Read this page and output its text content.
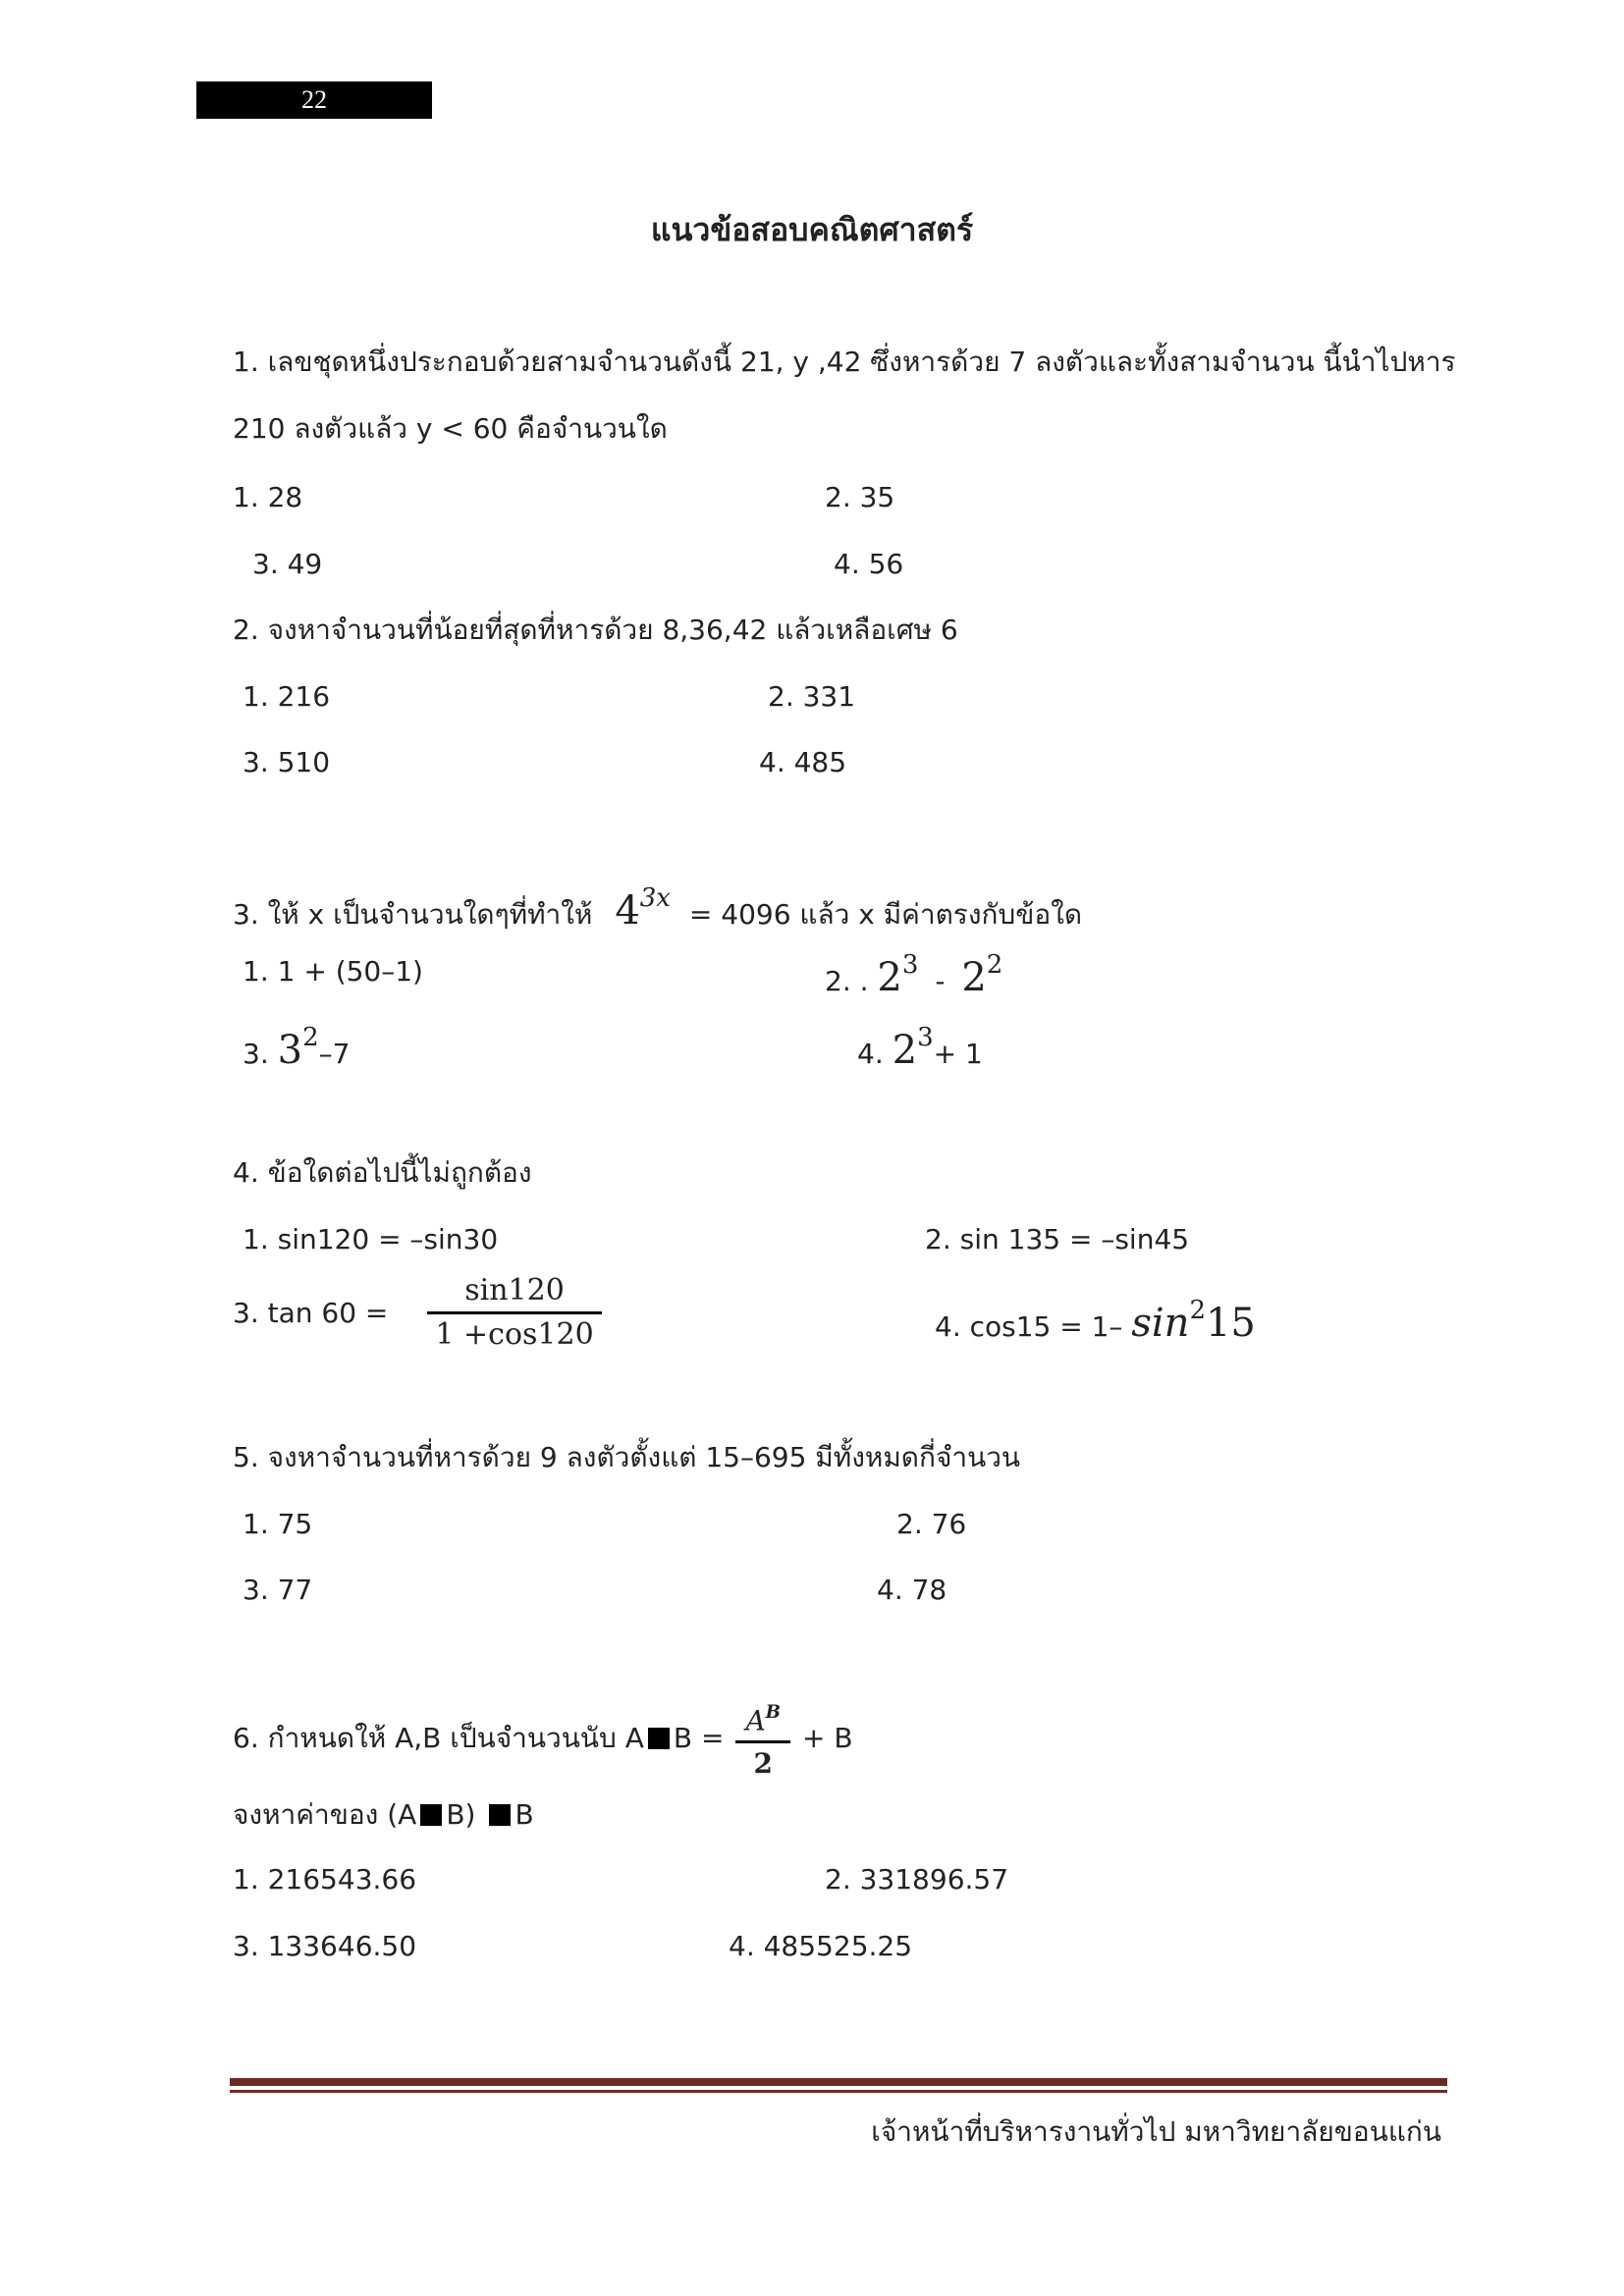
22
แนวข้อสอบคณิตศาสตร์
1. เลขชุดหนึ่งประกอบด้วยสามจำนวนดังนี้ 21, y ,42 ซึ่งหารด้วย 7 ลงตัวและทั้งสามจำนวน นี้นำไปหาร
210 ลงตัวแล้ว y < 60 คือจำนวนใด
1. 28	2. 35
3. 49	4. 56
2. จงหาจำนวนที่น้อยที่สุดที่หารด้วย 8,36,42 แล้วเหลือเศษ 6
1. 216	2. 331
3. 510	4. 485
3. ให้ x เป็นจำนวนใดๆที่ทำให้ $4^{3x} = 4096$ แล้ว x มีค่าตรงกับข้อใด
1. 1 + (50–1)	2. . $2^3 - 2^2$
3. $3^2-7$	4. $2^3+ 1$
4. ข้อใดต่อไปนี้ไม่ถูกต้อง
1. sin120 = –sin30	2. sin 135 = –sin45
3. $\tan 60 = \frac{\sin 120}{1 +\cos 120}$	4. cos15 = 1– $\sin^215$
5. จงหาจำนวนที่หารด้วย 9 ลงตัวตั้งแต่ 15–695 มีทั้งหมดกี่จำนวน
1. 75	2. 76
3. 77	4. 78
6. กำหนดให้ A,B เป็นจำนวนนับ A $B = \frac{A^B}{2} + B$
จงหาค่าของ (A B) B
1. 216543.66	2. 331896.57
3. 133646.50	4. 485525.25
เจ้าหน้าที่บริหารงานทั่วไป มหาวิทยาลัยขอนแก่น
